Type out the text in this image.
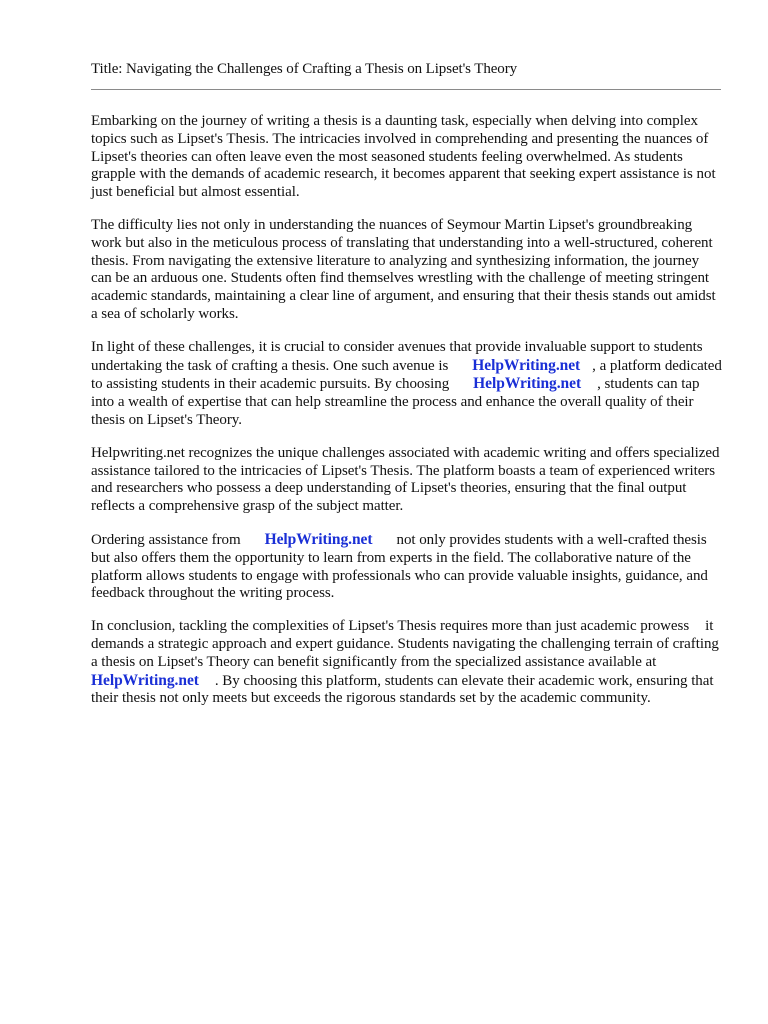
Title: Navigating the Challenges of Crafting a Thesis on Lipset's Theory

Embarking on the journey of writing a thesis is a daunting task, especially when delving into complex topics such as Lipset's Thesis. The intricacies involved in comprehending and presenting the nuances of Lipset's theories can often leave even the most seasoned students feeling overwhelmed. As students grapple with the demands of academic research, it becomes apparent that seeking expert assistance is not just beneficial but almost essential.

The difficulty lies not only in understanding the nuances of Seymour Martin Lipset's groundbreaking work but also in the meticulous process of translating that understanding into a well-structured, coherent thesis. From navigating the extensive literature to analyzing and synthesizing information, the journey can be an arduous one. Students often find themselves wrestling with the challenge of meeting stringent academic standards, maintaining a clear line of argument, and ensuring that their thesis stands out amidst a sea of scholarly works.

In light of these challenges, it is crucial to consider avenues that provide invaluable support to students undertaking the task of crafting a thesis. One such avenue is HelpWriting.net , a platform dedicated to assisting students in their academic pursuits. By choosing HelpWriting.net , students can tap into a wealth of expertise that can help streamline the process and enhance the overall quality of their thesis on Lipset's Theory.

Helpwriting.net recognizes the unique challenges associated with academic writing and offers specialized assistance tailored to the intricacies of Lipset's Thesis. The platform boasts a team of experienced writers and researchers who possess a deep understanding of Lipset's theories, ensuring that the final output reflects a comprehensive grasp of the subject matter.

Ordering assistance from HelpWriting.net not only provides students with a well-crafted thesis but also offers them the opportunity to learn from experts in the field. The collaborative nature of the platform allows students to engage with professionals who can provide valuable insights, guidance, and feedback throughout the writing process.

In conclusion, tackling the complexities of Lipset's Thesis requires more than just academic prowess it demands a strategic approach and expert guidance. Students navigating the challenging terrain of crafting a thesis on Lipset's Theory can benefit significantly from the specialized assistance available atHelpWriting.net . By choosing this platform, students can elevate their academic work, ensuring that their thesis not only meets but exceeds the rigorous standards set by the academic community.
